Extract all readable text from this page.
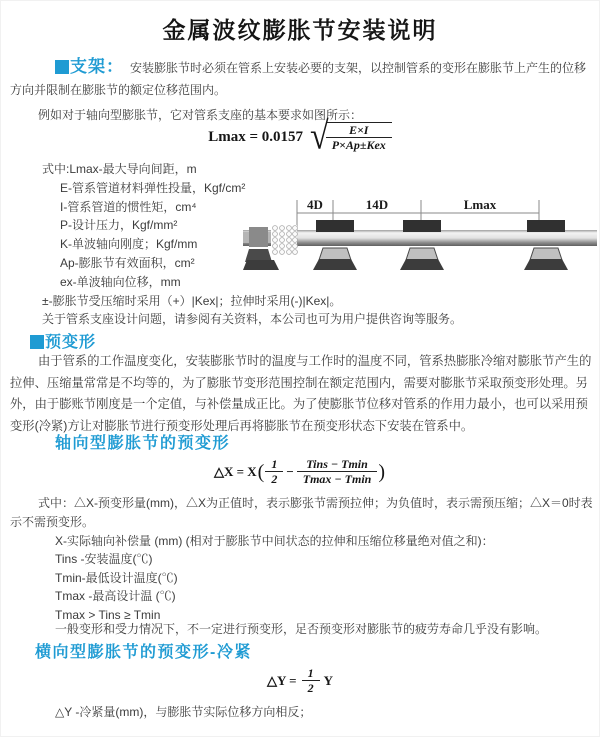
金属波纹膨胀节安装说明
支架： 安装膨胀节时必须在管系上安装必要的支架，以控制管系的变形在膨胀节上产生的位移方向并限制在膨胀节的额定位移范围内。
例如对于轴向型膨胀节，它对管系支座的基本要求如图所示：
Lmax = 0.0157 √
$\frac{E\times I}{\text{P×Ap±Kex}}$
式中:Lmax-最大导向间距，m
E-管系管道材料弹性投量，Kgf/cm²
I-管系管道的惯性矩，cm⁴
P-设计压力，Kgf/mm²
K-单波轴向刚度；Kgf/mm
Ap-膨胀节有效面积，cm²
ex-单波轴向位移，mm
±-膨胀节受压缩时采用（+）|Kex|；拉伸时采用(-)|Kex|。
关于管系支座设计问题，请参阅有关资料，本公司也可为用户提供咨询等服务。
4D	14D	Lmax
预变形
由于管系的工作温度变化，安装膨胀节时的温度与工作时的温度不同，管系热膨胀冷缩对膨胀节产生的拉伸、压缩量常常是不均等的，为了膨胀节变形范围控制在额定范围内，需要对膨胀节采取预变形处理。另外，由于膨账节刚度是一个定值，与补偿量成正比。为了使膨胀节位移对管系的作用力最小，也可以采用预变形(冷紧)方让对膨胀节进行预变形处理后再将膨胀节在预变形状态下安装在管系中。
轴向型膨胀节的预变形
△X = X ( $\frac{1}{2} - \frac{\text{Tins − Tmin}}{Tmax - Tmin}$ )
式中：△X-预变形量(mm)，△X为正值时，表示膨张节需预拉伸；为负值时，表示需预压缩；△X＝0时表示不需预变形。
X-实际轴向补偿量 (mm) (相对于膨胀节中间状态的拉伸和压缩位移量绝对值之和)：
Tins -安装温度(℃)
Tmin-最低设计温度(℃)
Tmax -最高设计温 (℃)
Tmax > Tins ≥ Tmin
一般变形和受力情况下，不一定进行预变形，足否预变形对膨胀节的疲劳寿命几乎没有影响。
横向型膨胀节的预变形-冷紧
△Y = $\frac{1}{2}$ Y
△Y -冷紧量(mm)，与膨胀节实际位移方向相反；
